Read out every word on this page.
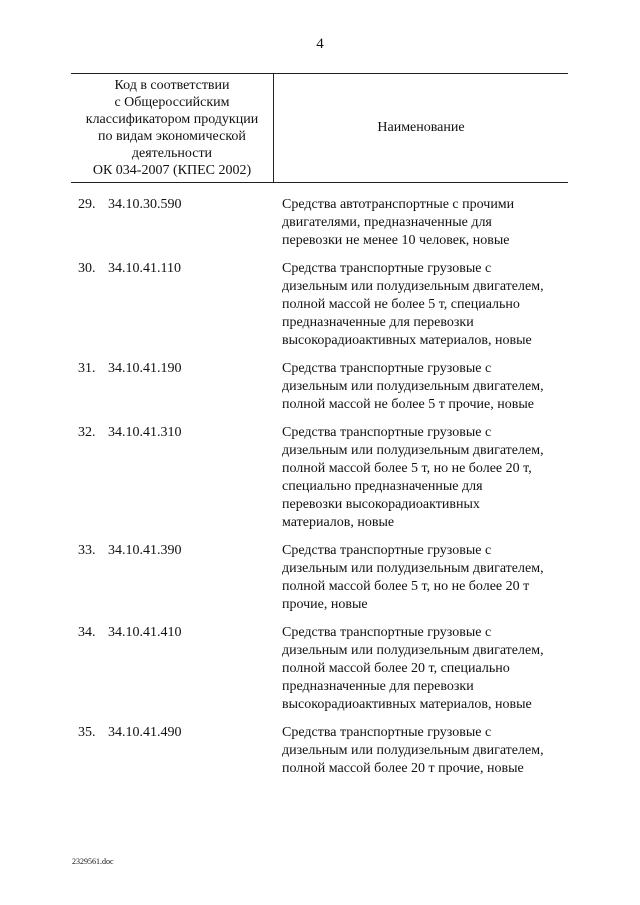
4
Код в соответствии
с Общероссийским
классификатором продукции
по видам экономической
деятельности
ОК 034-2007 (КПЕС 2002)
Наименование
29. 34.10.30.590	Средства автотранспортные с прочими
двигателями, предназначенные для
перевозки не менее 10 человек, новые
30. 34.10.41.110	Средства транспортные грузовые с
дизельным или полудизельным двигателем,
полной массой не более 5 т, специально
предназначенные для перевозки
высокорадиоактивных материалов, новые
31. 34.10.41.190	Средства транспортные грузовые с
дизельным или полудизельным двигателем,
полной массой не более 5 т прочие, новые
32. 34.10.41.310	Средства транспортные грузовые с
дизельным или полудизельным двигателем,
полной массой более 5 т, но не более 20 т,
специально предназначенные для
перевозки высокорадиоактивных
материалов, новые
33. 34.10.41.390	Средства транспортные грузовые с
дизельным или полудизельным двигателем,
полной массой более 5 т, но не более 20 т
прочие, новые
34. 34.10.41.410	Средства транспортные грузовые с
дизельным или полудизельным двигателем,
полной массой более 20 т, специально
предназначенные для перевозки
высокорадиоактивных материалов, новые
35. 34.10.41.490	Средства транспортные грузовые с
дизельным или полудизельным двигателем,
полной массой более 20 т прочие, новые
2329561.doc
